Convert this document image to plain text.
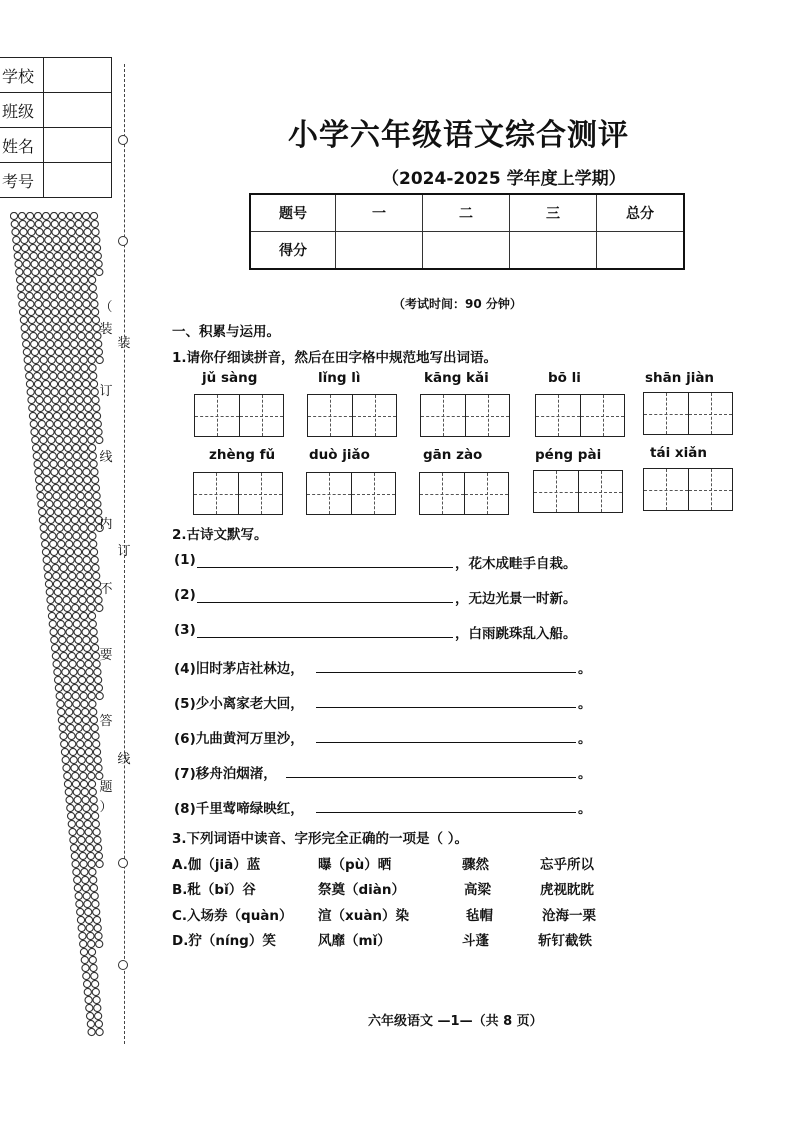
学校	
班级	
姓名	
考号	
（
装
订
线
内
不
要
答
题
）
装
订
线
小学六年级语文综合测评
（2024-2025 学年度上学期）
题号	一	二	三	总分
得分				
（考试时间：90 分钟）
一、积累与运用。
1.请你仔细读拼音，然后在田字格中规范地写出词语。
jǔ sàng	lǐng lì	kāng kǎi	bō li	shān jiàn
zhèng fǔ	duò jiǎo	gān zào	péng pài	tái xiǎn
2.古诗文默写。
(1)	，花木成畦手自栽。
(2)	，无边光景一时新。
(3)	，白雨跳珠乱入船。
(4)旧时茅店社林边，	。
(5)少小离家老大回，	。
(6)九曲黄河万里沙，	。
(7)移舟泊烟渚，	。
(8)千里莺啼绿映红，	。
3.下列词语中读音、字形完全正确的一项是（ ）。
A.伽（jiā）蓝	曝（pù）晒	骤然	忘乎所以
B.秕（bǐ）谷	祭奠（diàn）	高梁	虎视眈眈
C.入场券（quàn） 渲（xuàn）染	毡帽	沧海一栗
D.狞（níng）笑	风靡（mǐ）	斗蓬	斩钉截铁
六年级语文 —1—（共 8 页）
